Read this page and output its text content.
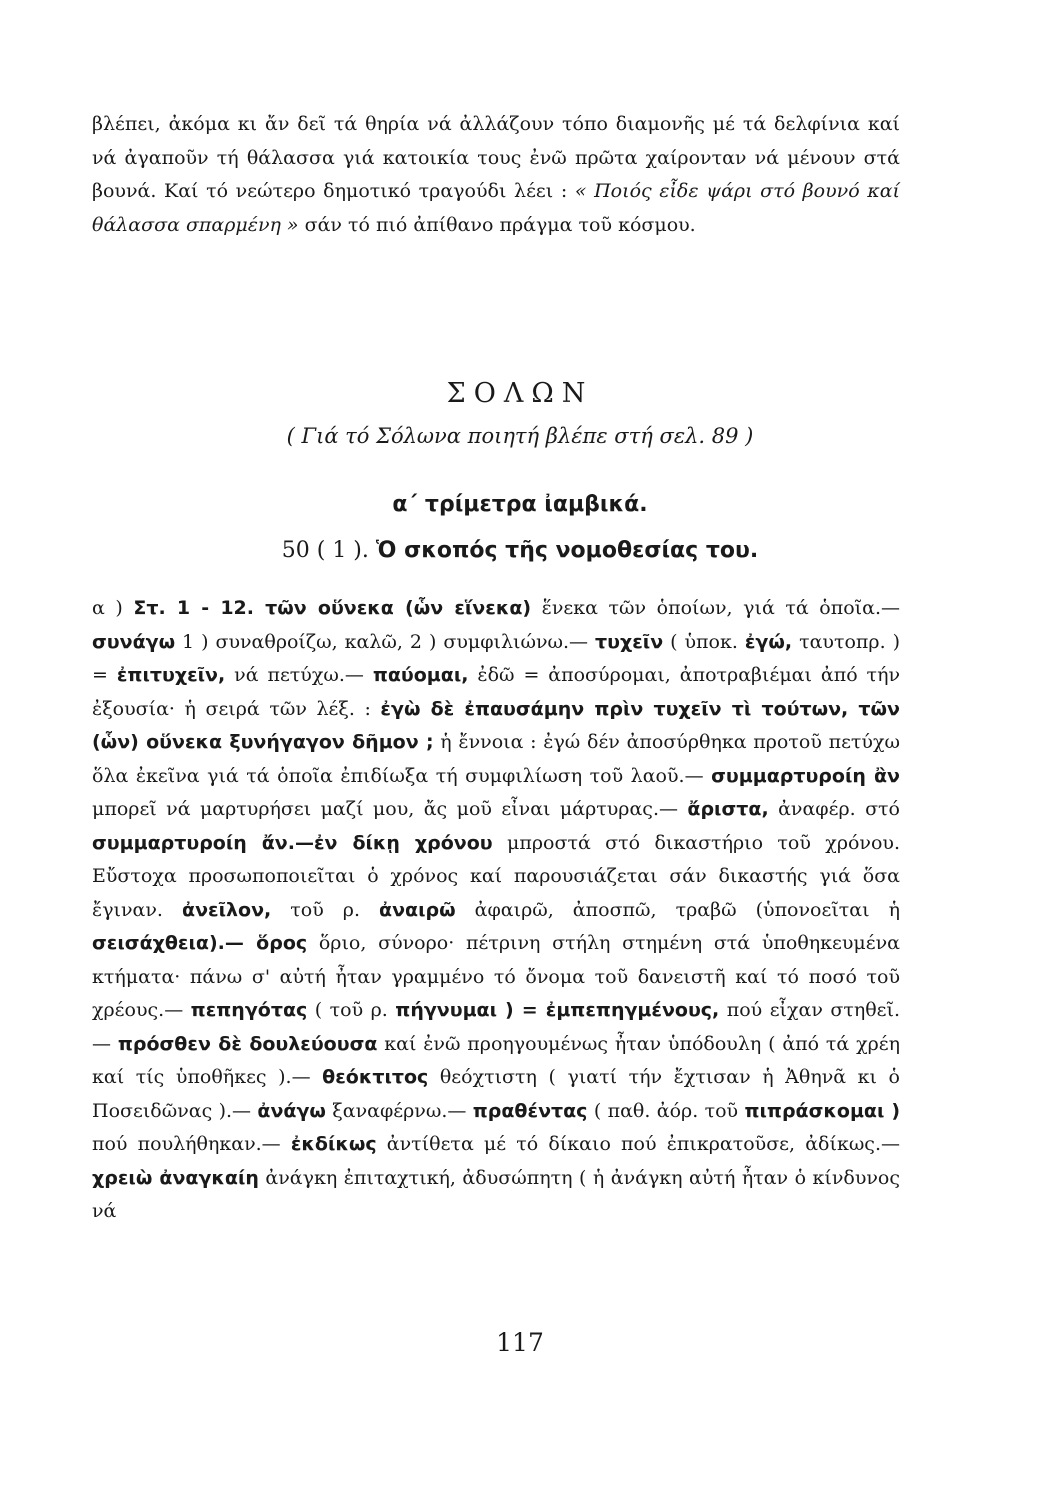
βλέπει, ἀκόμα κι ἄν δεῖ τά θηρία νά ἀλλάζουν τόπο διαμονῆς μέ τά δελφίνια καί νά ἀγαποῦν τή θάλασσα γιά κατοικία τους ἐνῶ πρῶτα χαίρονταν νά μένουν στά βουνά. Καί τό νεώτερο δημοτικό τραγούδι λέει : « Ποιός εἶδε ψάρι στό βουνό καί θάλασσα σπαρμένη » σάν τό πιό ἀπίθανο πράγμα τοῦ κόσμου.

ΣΟΛΩΝ

( Γιά τό Σόλωνα ποιητή βλέπε στή σελ. 89 )

α΄ τρίμετρα ἰαμβικά.

50 ( 1 ). Ὁ σκοπός τῆς νομοθεσίας του.

α ) Στ. 1 - 12. τῶν οὕνεκα (ὧν εἵνεκα) ἕνεκα τῶν ὁποίων, γιά τά ὁποῖα.— συνάγω 1 ) συναθροίζω, καλῶ, 2 ) συμφιλιώνω.— τυχεῖν ( ὑποκ. ἐγώ, ταυτοπρ. ) = ἐπιτυχεῖν, νά πετύχω.— παύομαι, ἐδῶ = ἀποσύρομαι, ἀποτραβιέμαι ἀπό τήν ἐξουσία· ἡ σειρά τῶν λέξ. : ἐγὼ δὲ ἐπαυσάμην πρὶν τυχεῖν τὶ τούτων, τῶν (ὧν) οὕνεκα ξυνήγαγον δῆμον ; ἡ ἔννοια : ἐγώ δέν ἀποσύρθηκα προτοῦ πετύχω ὅλα ἐκεῖνα γιά τά ὁποῖα ἐπιδίωξα τή συμφιλίωση τοῦ λαοῦ.— συμμαρτυροίη ἂν μπορεῖ νά μαρτυρήσει μαζί μου, ἄς μοῦ εἶναι μάρτυρας.— ἄριστα, ἀναφέρ. στό συμμαρτυροίη ἄν.—ἐν δίκῃ χρόνου μπροστά στό δικαστήριο τοῦ χρόνου. Εὔστοχα προσωποποιεῖται ὁ χρόνος καί παρουσιάζεται σάν δικαστής γιά ὅσα ἔγιναν. ἀνεῖλον, τοῦ ρ. ἀναιρῶ ἀφαιρῶ, ἀποσπῶ, τραβῶ (ὑπονοεῖται ἡ σεισάχθεια).— ὅρος ὅριο, σύνορο· πέτρινη στήλη στημένη στά ὑποθηκευμένα κτήματα· πάνω σ' αὐτή ἦταν γραμμένο τό ὄνομα τοῦ δανειστῆ καί τό ποσό τοῦ χρέους.— πεπηγότας ( τοῦ ρ. πήγνυμαι ) = ἐμπεπηγμένους, πού εἶχαν στηθεῖ.— πρόσθεν δὲ δουλεύουσα καί ἐνῶ προηγουμένως ἦταν ὑπόδουλη ( ἀπό τά χρέη καί τίς ὑποθῆκες ).— θεόκτιτος θεόχτιστη ( γιατί τήν ἔχτισαν ἡ Ἀθηνᾶ κι ὁ Ποσειδῶνας ).— ἀνάγω ξαναφέρνω.— πραθέντας ( παθ. ἀόρ. τοῦ πιπράσκομαι ) πού πουλήθηκαν.— ἐκδίκως ἀντίθετα μέ τό δίκαιο πού ἐπικρατοῦσε, ἀδίκως.— χρειὼ ἀναγκαίη ἀνάγκη ἐπιταχτική, ἀδυσώπητη ( ἡ ἀνάγκη αὐτή ἦταν ὁ κίνδυνος νά

117
